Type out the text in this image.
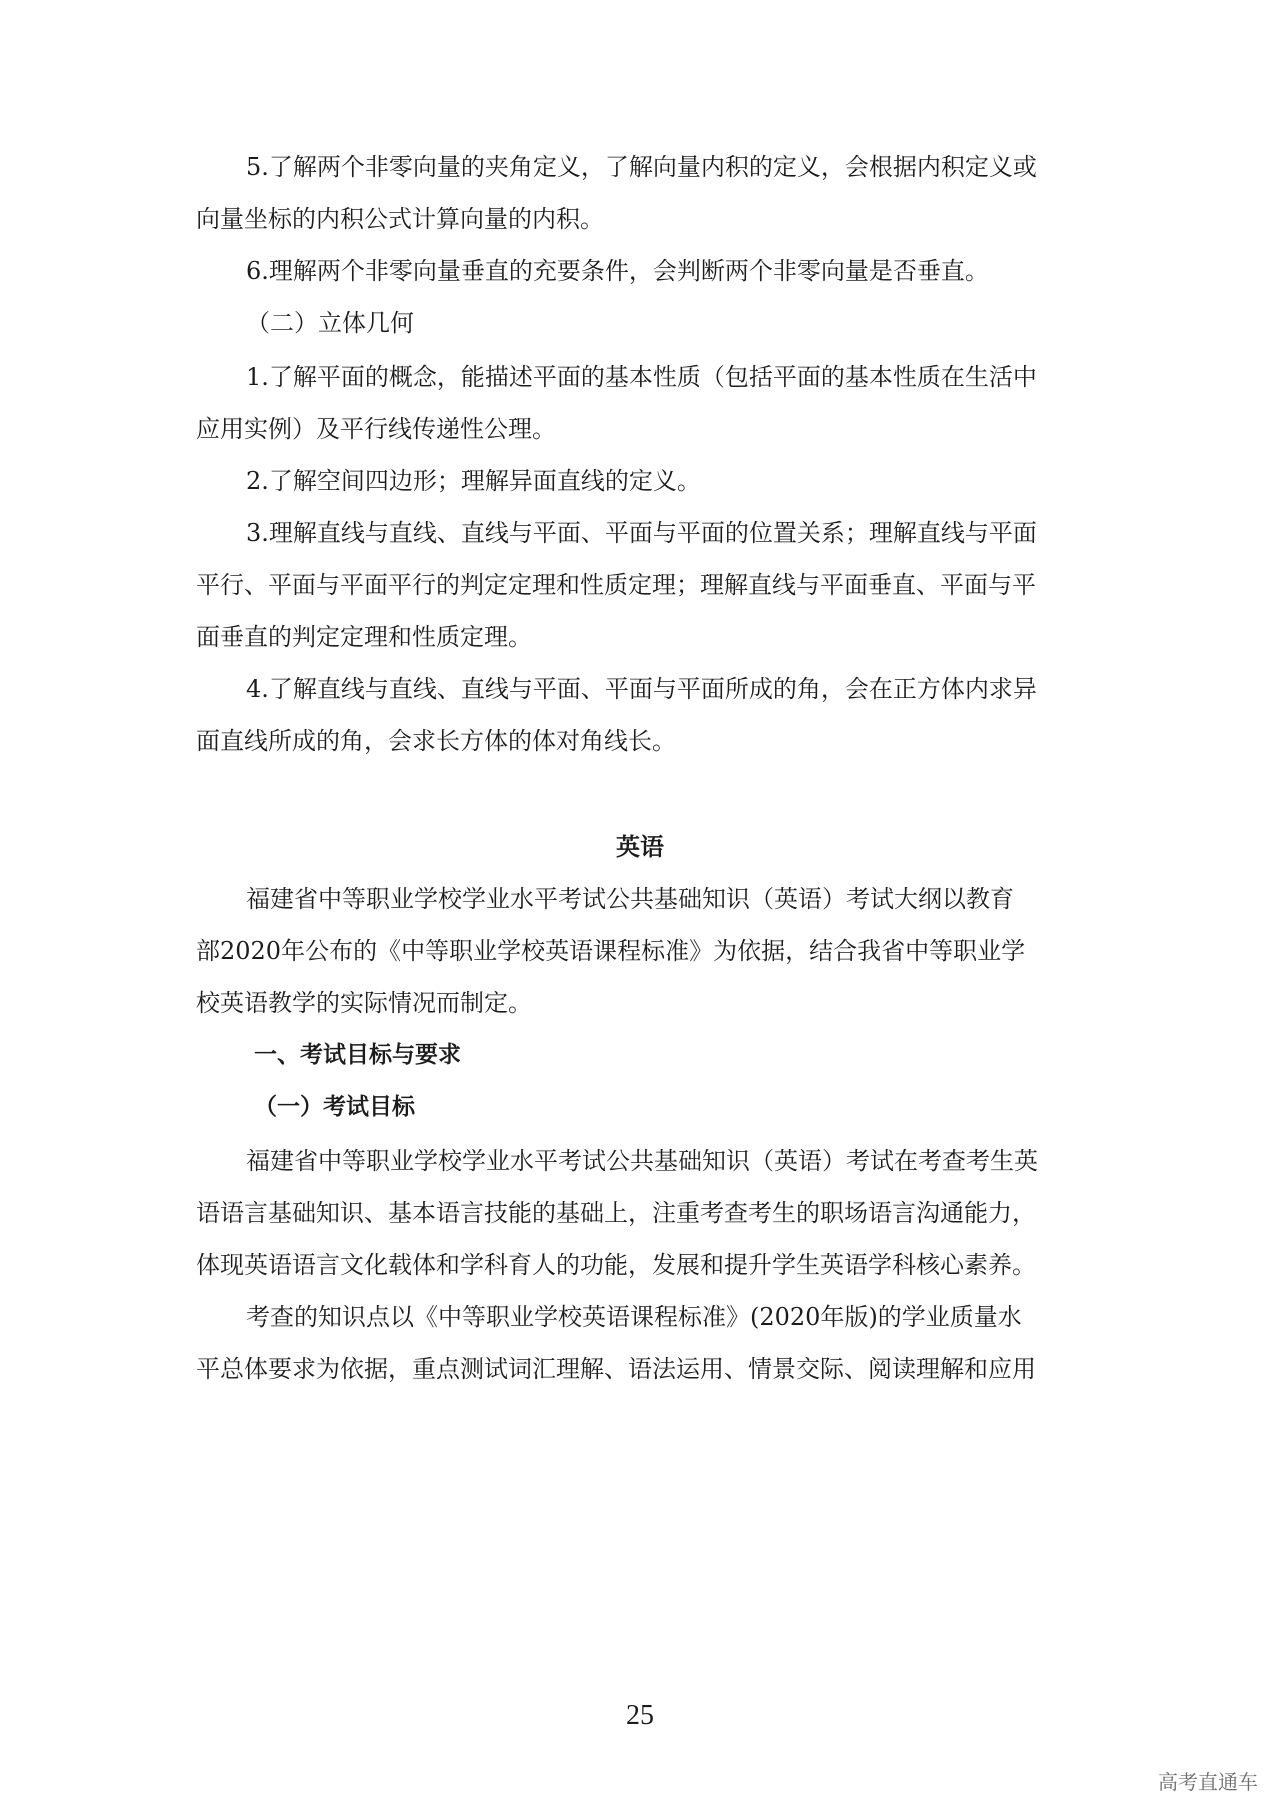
5.了解两个非零向量的夹角定义，了解向量内积的定义，会根据内积定义或
向量坐标的内积公式计算向量的内积。
6.理解两个非零向量垂直的充要条件，会判断两个非零向量是否垂直。
（二）立体几何
1.了解平面的概念，能描述平面的基本性质（包括平面的基本性质在生活中
应用实例）及平行线传递性公理。
2.了解空间四边形；理解异面直线的定义。
3.理解直线与直线、直线与平面、平面与平面的位置关系；理解直线与平面
平行、平面与平面平行的判定定理和性质定理；理解直线与平面垂直、平面与平
面垂直的判定定理和性质定理。
4.了解直线与直线、直线与平面、平面与平面所成的角，会在正方体内求异
面直线所成的角，会求长方体的体对角线长。
英语
福建省中等职业学校学业水平考试公共基础知识（英语）考试大纲以教育
部2020年公布的《中等职业学校英语课程标准》为依据，结合我省中等职业学
校英语教学的实际情况而制定。
一、考试目标与要求
（一）考试目标
福建省中等职业学校学业水平考试公共基础知识（英语）考试在考查考生英
语语言基础知识、基本语言技能的基础上，注重考查考生的职场语言沟通能力，
体现英语语言文化载体和学科育人的功能，发展和提升学生英语学科核心素养。
考查的知识点以《中等职业学校英语课程标准》(2020年版)的学业质量水
平总体要求为依据，重点测试词汇理解、语法运用、情景交际、阅读理解和应用
25
高考直通车
